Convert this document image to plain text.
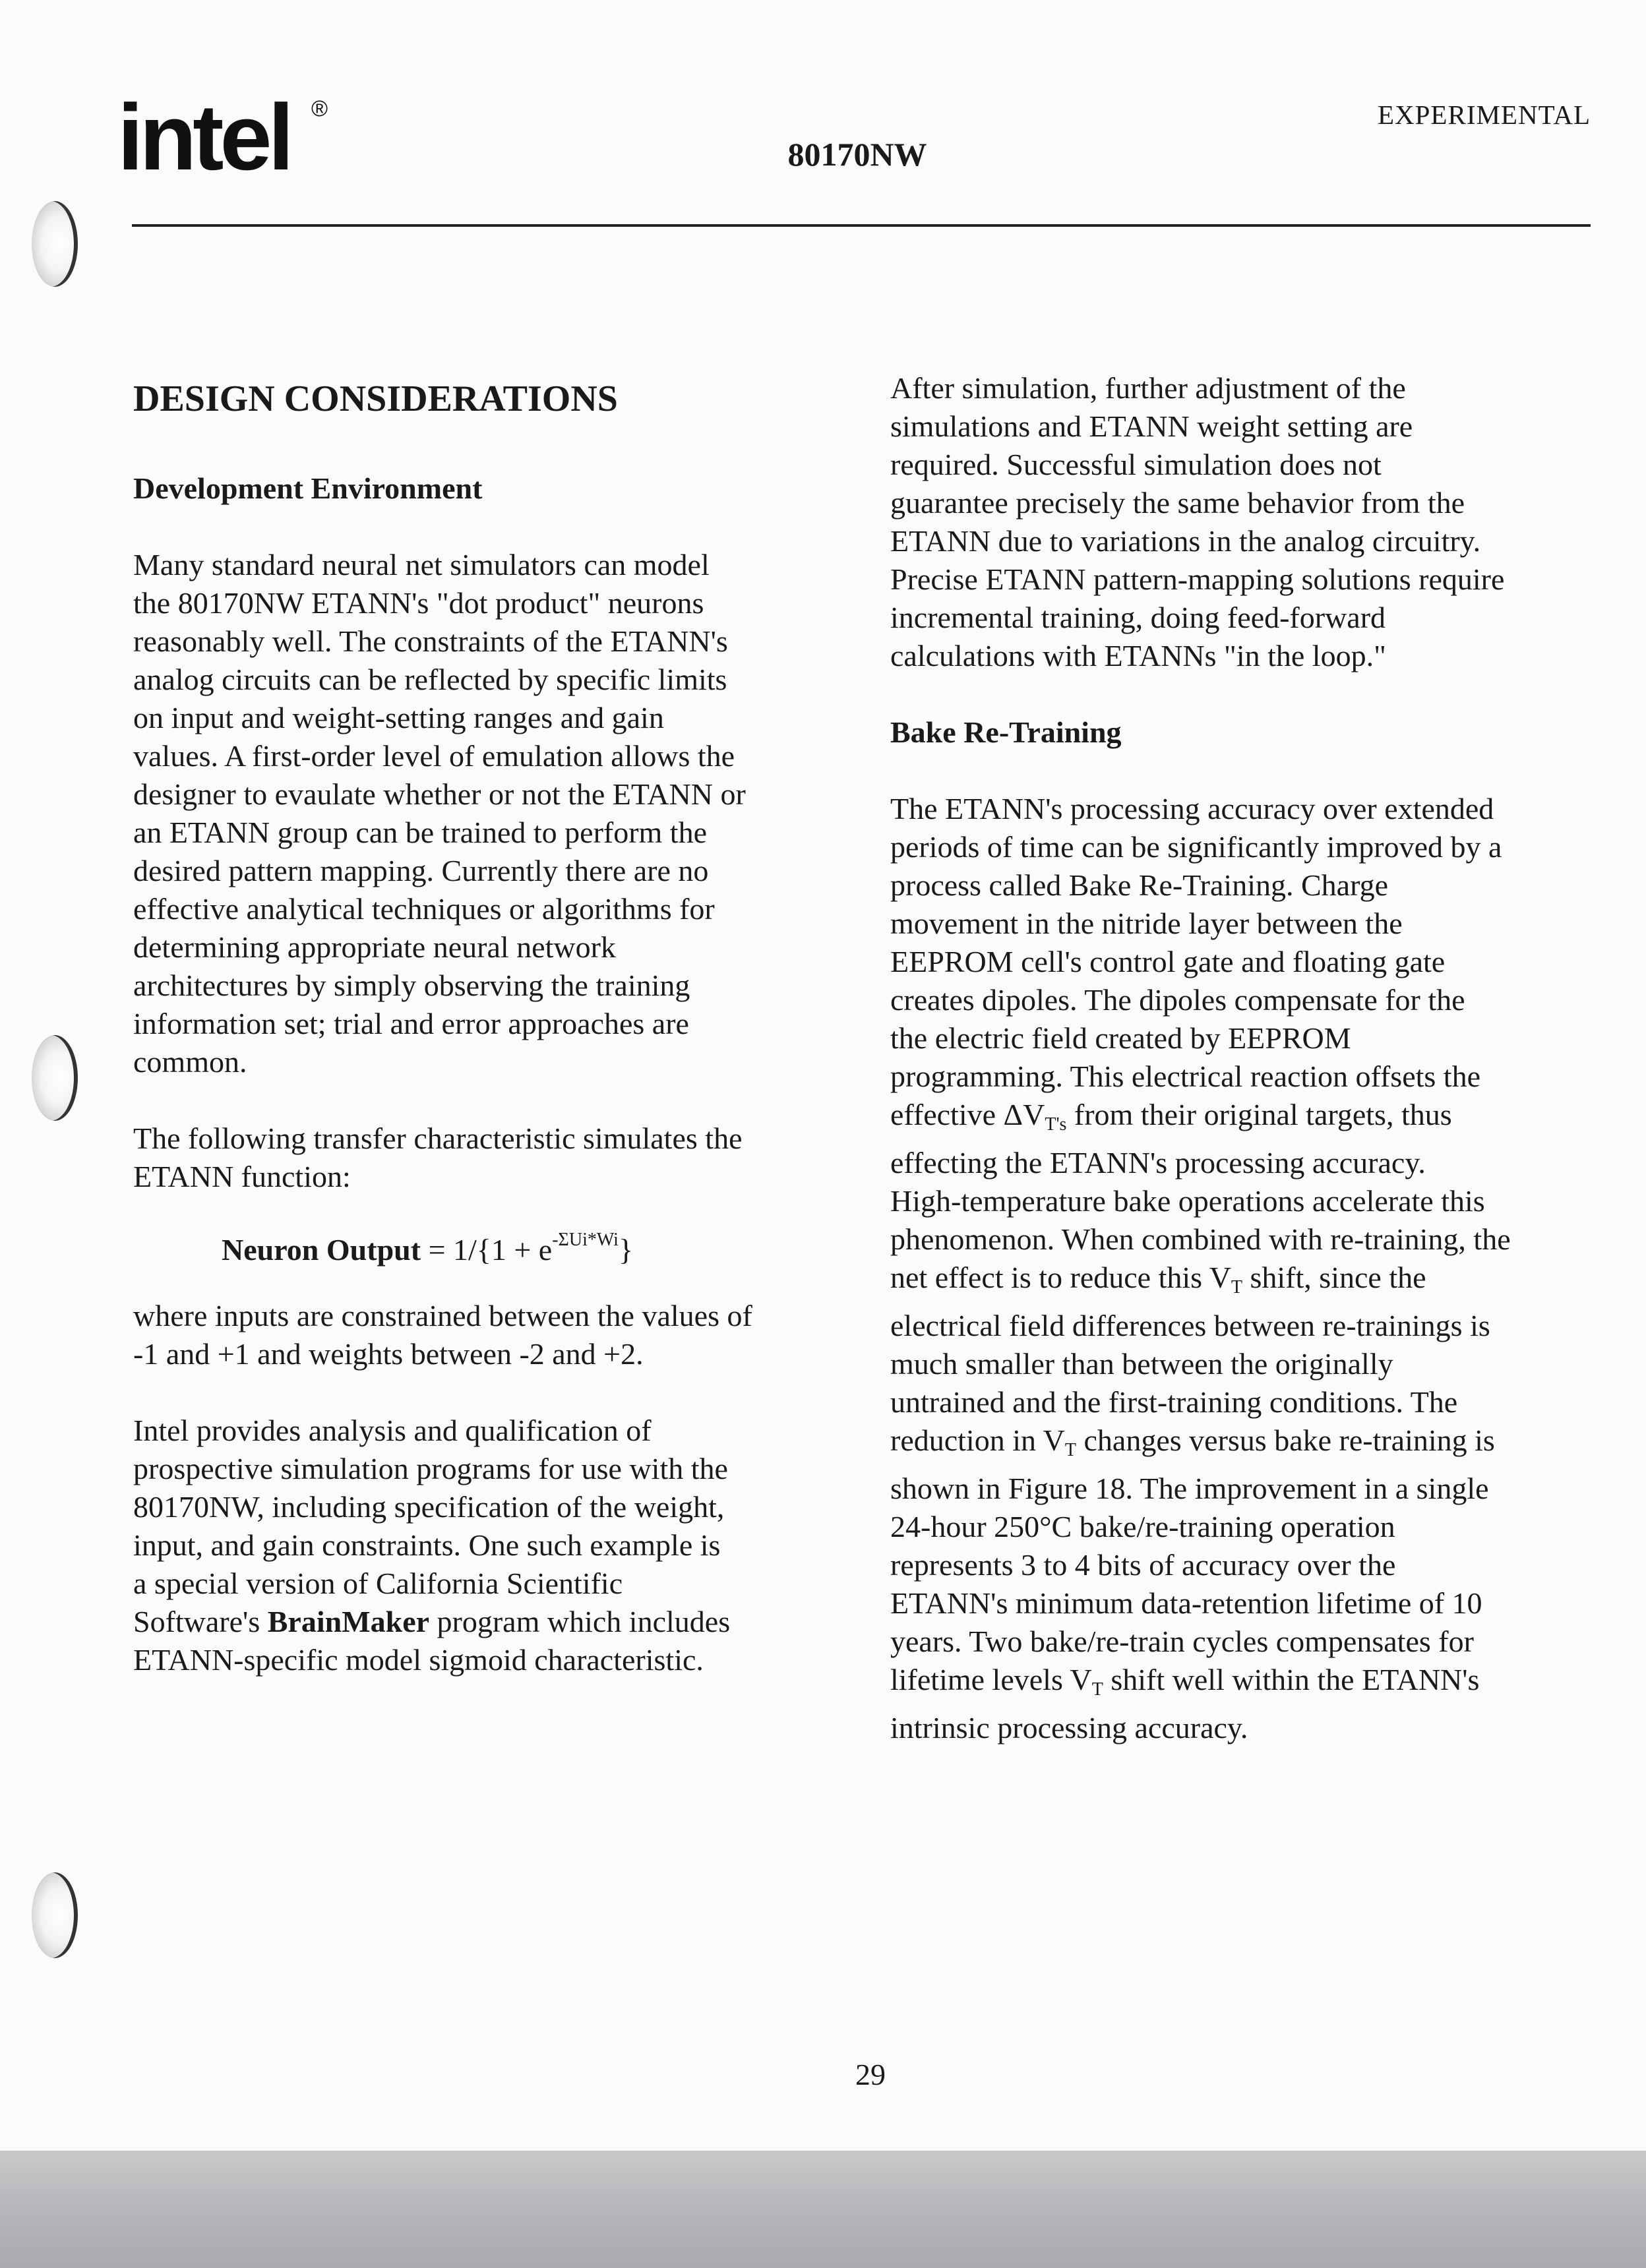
intel ®
80170NW
EXPERIMENTAL
DESIGN CONSIDERATIONS
Development Environment

Many standard neural net simulators can model
the 80170NW ETANN's "dot product" neurons
reasonably well. The constraints of the ETANN's
analog circuits can be reflected by specific limits
on input and weight-setting ranges and gain
values. A first-order level of emulation allows the
designer to evaulate whether or not the ETANN or
an ETANN group can be trained to perform the
desired pattern mapping. Currently there are no
effective analytical techniques or algorithms for
determining appropriate neural network
architectures by simply observing the training
information set; trial and error approaches are
common.

The following transfer characteristic simulates the
ETANN function:

Neuron Output = $1/\{1 + e^{-\Sigma Ui*Wi}\}$

where inputs are constrained between the values of
-1 and +1 and weights between -2 and +2.

Intel provides analysis and qualification of
prospective simulation programs for use with the
80170NW, including specification of the weight,
input, and gain constraints. One such example is
a special version of California Scientific
Software's BrainMaker program which includes
ETANN-specific model sigmoid characteristic.

After simulation, further adjustment of the
simulations and ETANN weight setting are
required. Successful simulation does not
guarantee precisely the same behavior from the
ETANN due to variations in the analog circuitry.
Precise ETANN pattern-mapping solutions require
incremental training, doing feed-forward
calculations with ETANNs "in the loop."

Bake Re-Training

The ETANN's processing accuracy over extended
periods of time can be significantly improved by a
process called Bake Re-Training. Charge
movement in the nitride layer between the
EEPROM cell's control gate and floating gate
creates dipoles. The dipoles compensate for the
the electric field created by EEPROM
programming. This electrical reaction offsets the
effective $\Delta V_{T's}$ from their original targets, thus
effecting the ETANN's processing accuracy.
High-temperature bake operations accelerate this
phenomenon. When combined with re-training, the
net effect is to reduce this $V_T$ shift, since the
electrical field differences between re-trainings is
much smaller than between the originally
untrained and the first-training conditions. The
reduction in $V_T$ changes versus bake re-training is
shown in Figure 18. The improvement in a single
24-hour 250°C bake/re-training operation
represents 3 to 4 bits of accuracy over the
ETANN's minimum data-retention lifetime of 10
years. Two bake/re-train cycles compensates for
lifetime levels $V_T$ shift well within the ETANN's
intrinsic processing accuracy.

29
